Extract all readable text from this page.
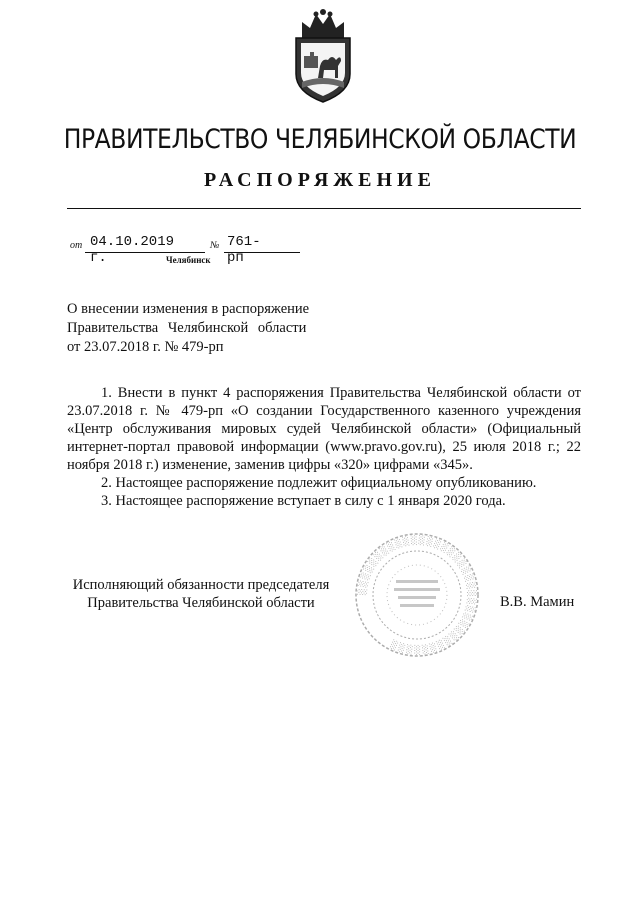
ПРАВИТЕЛЬСТВО ЧЕЛЯБИНСКОЙ ОБЛАСТИ
РАСПОРЯЖЕНИЕ
от 04.10.2019 г.
№ 761-рп
Челябинск
О внесении изменения в распоряжение
Правительства Челябинской области
от 23.07.2018 г. № 479-рп

1. Внести в пункт 4 распоряжения Правительства Челябинской области от 23.07.2018 г. № 479-рп «О создании Государственного казенного учреждения «Центр обслуживания мировых судей Челябинской области» (Официальный интернет-портал правовой информации (www.pravo.gov.ru), 25 июля 2018 г.; 22 ноября 2018 г.) изменение, заменив цифры «320» цифрами «345».

2. Настоящее распоряжение подлежит официальному опубликованию.

3. Настоящее распоряжение вступает в силу с 1 января 2020 года.

░░░░░░░░░░░░░░░░░░░░░░░░░░░░░░░░░░░░
Исполняющий обязанности председателя
Правительства Челябинской области	В.В. Мамин
